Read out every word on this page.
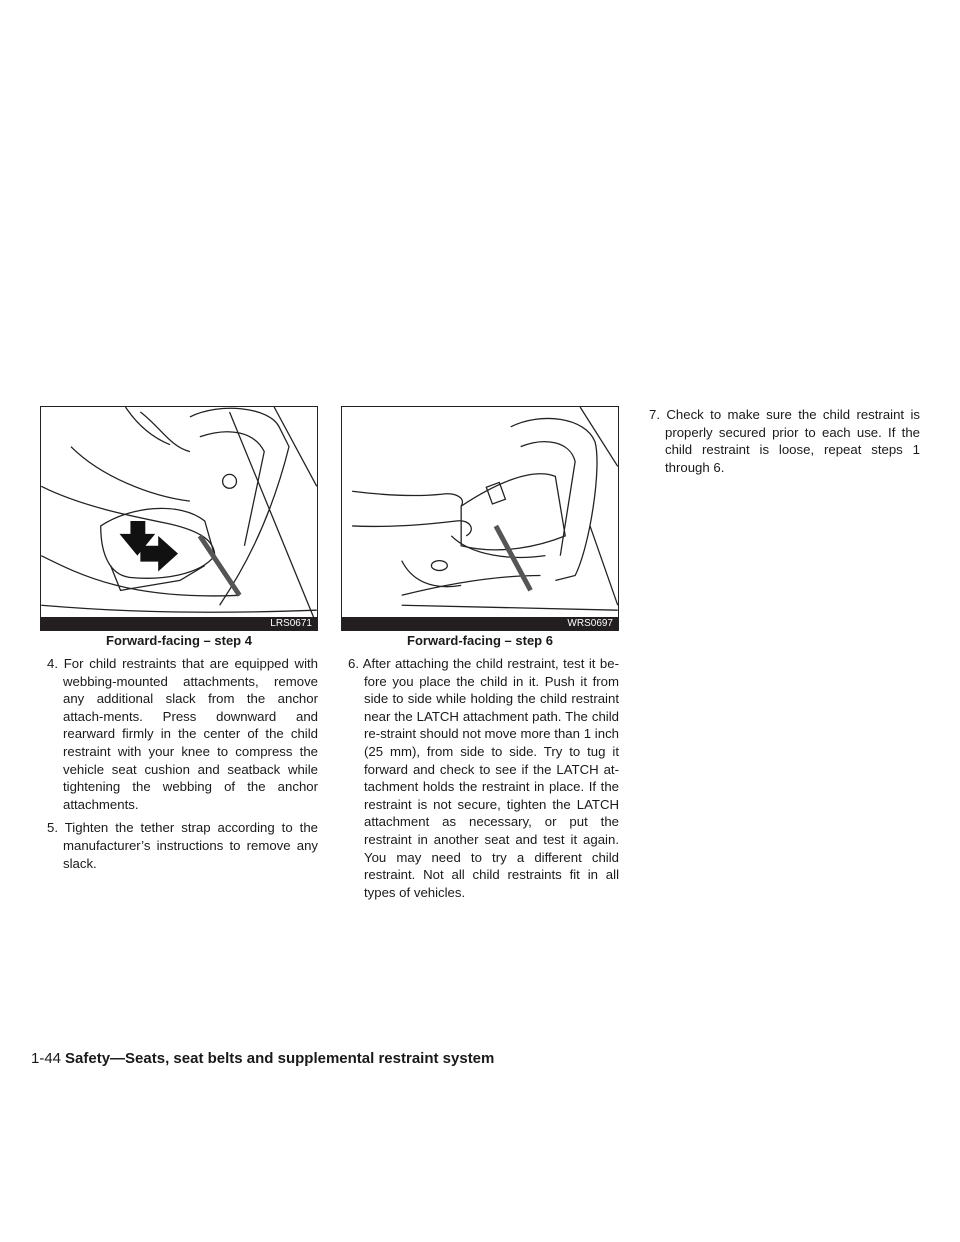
LRS0671
Forward-facing – step 4
WRS0697
Forward-facing – step 6

4. For child restraints that are equipped with webbing-mounted attachments, remove any additional slack from the anchor attach-ments. Press downward and rearward firmly in the center of the child restraint with your knee to compress the vehicle seat cushion and seatback while tightening the webbing of the anchor attachments.

5. Tighten the tether strap according to the manufacturer’s instructions to remove any slack.

6. After attaching the child restraint, test it be-fore you place the child in it. Push it from side to side while holding the child restraint near the LATCH attachment path. The child re-straint should not move more than 1 inch (25 mm), from side to side. Try to tug it forward and check to see if the LATCH at-tachment holds the restraint in place. If the restraint is not secure, tighten the LATCH attachment as necessary, or put the restraint in another seat and test it again. You may need to try a different child restraint. Not all child restraints fit in all types of vehicles.

7. Check to make sure the child restraint is properly secured prior to each use. If the child restraint is loose, repeat steps 1 through 6.

1-44 Safety—Seats, seat belts and supplemental restraint system
